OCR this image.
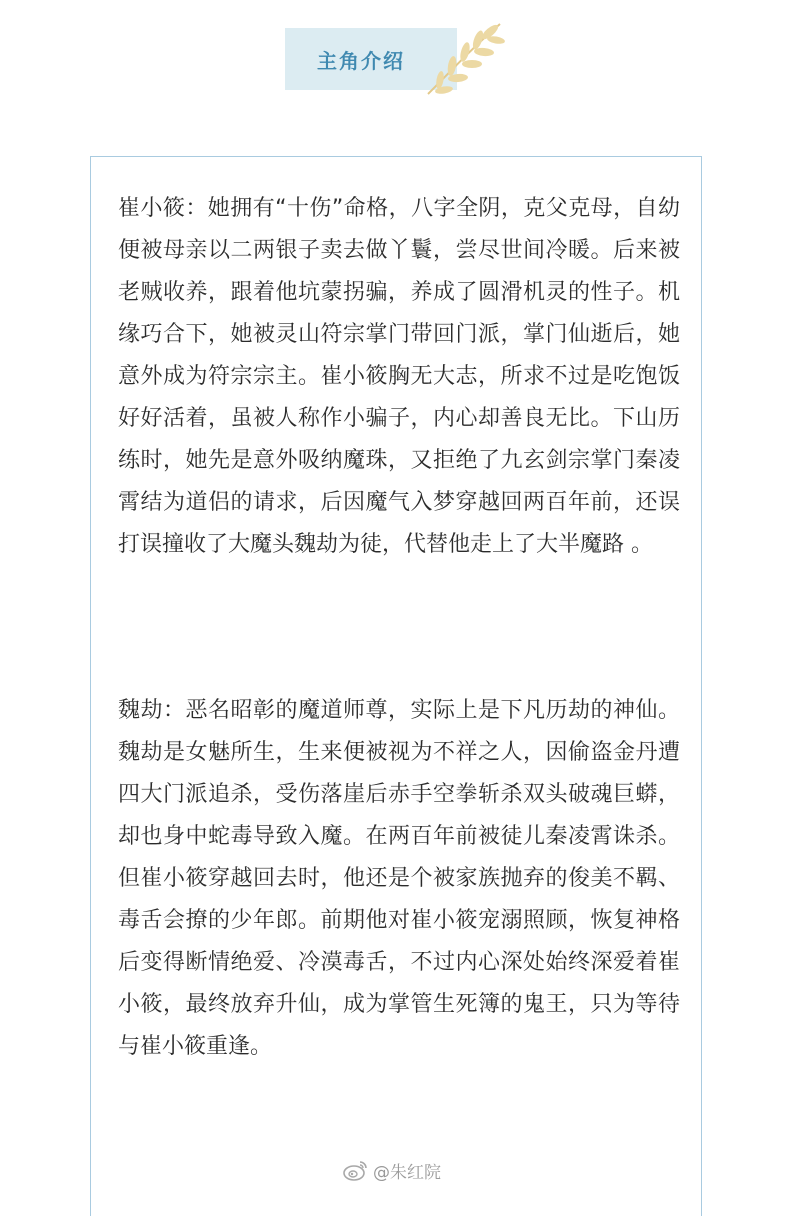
主角介绍

崔小筱：她拥有“十伤”命格，八字全阴，克父克母，自幼便被母亲以二两银子卖去做丫鬟，尝尽世间冷暖。后来被老贼收养，跟着他坑蒙拐骗，养成了圆滑机灵的性子。机缘巧合下，她被灵山符宗掌门带回门派，掌门仙逝后，她意外成为符宗宗主。崔小筱胸无大志，所求不过是吃饱饭好好活着，虽被人称作小骗子，内心却善良无比。下山历练时，她先是意外吸纳魔珠，又拒绝了九玄剑宗掌门秦凌霄结为道侣的请求，后因魔气入梦穿越回两百年前，还误打误撞收了大魔头魏劫为徒，代替他走上了大半魔路 。

魏劫：恶名昭彰的魔道师尊，实际上是下凡历劫的神仙。魏劫是女魅所生，生来便被视为不祥之人，因偷盗金丹遭四大门派追杀，受伤落崖后赤手空拳斩杀双头破魂巨蟒，却也身中蛇毒导致入魔。在两百年前被徒儿秦凌霄诛杀。但崔小筱穿越回去时，他还是个被家族抛弃的俊美不羁、毒舌会撩的少年郎。前期他对崔小筱宠溺照顾，恢复神格后变得断情绝爱、冷漠毒舌，不过内心深处始终深爱着崔小筱，最终放弃升仙，成为掌管生死簿的鬼王，只为等待与崔小筱重逢。

@朱红院
